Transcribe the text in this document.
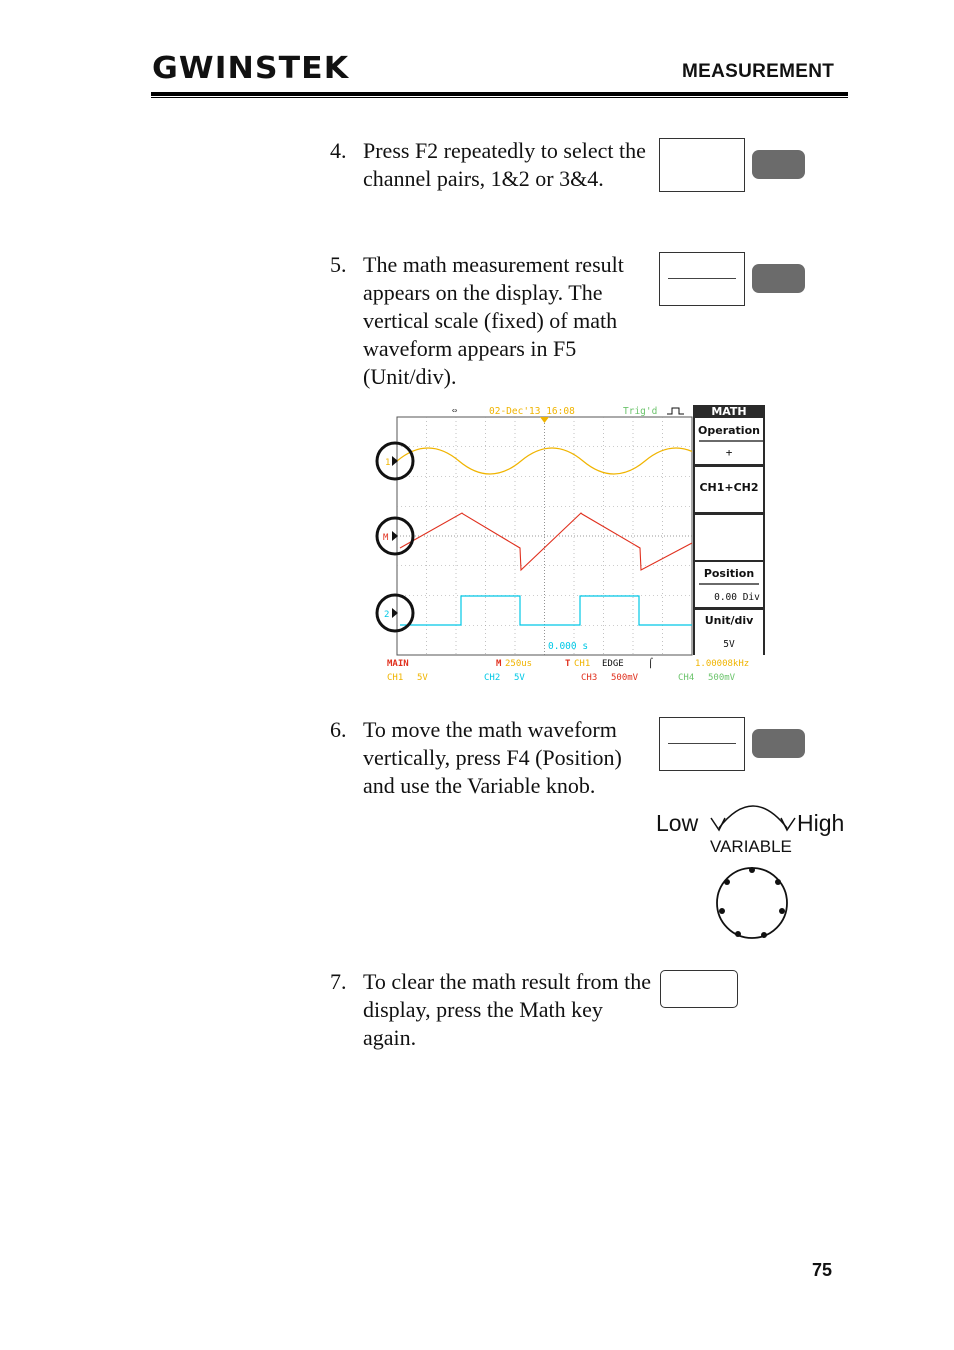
GWINSTEK	MEASUREMENT
4. Press F2 repeatedly to select the channel pairs, 1&2 or 3&4.
5. The math measurement result appears on the display. The vertical scale (fixed) of math waveform appears in F5 (Unit/div).
⇔	02-Dec'13 16:08	Trig'd
1
M
2
0.000 s
MATH
Operation
+
CH1+CH2
Position
0.00 Div
Unit/div
5V
MAIN	M 250us	T CH1 EDGE	⌠	1.00008kHz
CH1 5V	CH2 5V	CH3 500mV	CH4 500mV
6. To move the math waveform vertically, press F4 (Position) and use the Variable knob.
Low	High
VARIABLE
7. To clear the math result from the display, press the Math key again.
75
